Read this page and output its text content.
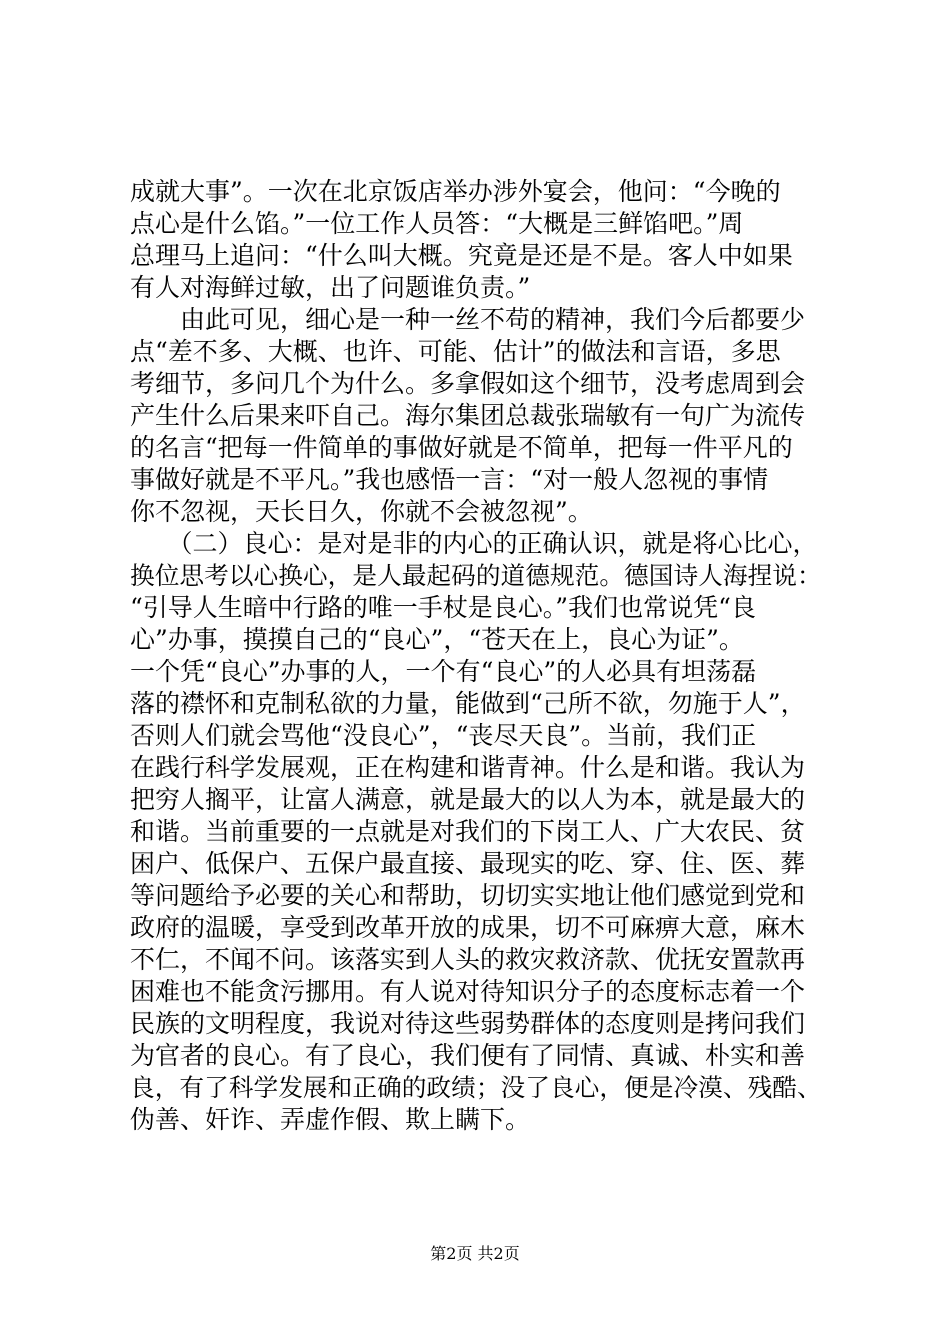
成就大事”。一次在北京饭店举办涉外宴会，他问：“今晚的
点心是什么馅。”一位工作人员答：“大概是三鲜馅吧。”周
总理马上追问：“什么叫大概。究竟是还是不是。客人中如果
有人对海鲜过敏，出了问题谁负责。”
　　由此可见，细心是一种一丝不苟的精神，我们今后都要少
点“差不多、大概、也许、可能、估计”的做法和言语，多思
考细节，多问几个为什么。多拿假如这个细节，没考虑周到会
产生什么后果来吓自己。海尔集团总裁张瑞敏有一句广为流传
的名言“把每一件简单的事做好就是不简单，把每一件平凡的
事做好就是不平凡。”我也感悟一言：“对一般人忽视的事情
你不忽视，天长日久，你就不会被忽视”。
　　（二）良心：是对是非的内心的正确认识，就是将心比心，
换位思考以心换心，是人最起码的道德规范。德国诗人海捏说：
“引导人生暗中行路的唯一手杖是良心。”我们也常说凭“良
心”办事，摸摸自己的“良心”，“苍天在上，良心为证”。
一个凭“良心”办事的人，一个有“良心”的人必具有坦荡磊
落的襟怀和克制私欲的力量，能做到“己所不欲，勿施于人”，
否则人们就会骂他“没良心”，“丧尽天良”。当前，我们正
在践行科学发展观，正在构建和谐青神。什么是和谐。我认为
把穷人搁平，让富人满意，就是最大的以人为本，就是最大的
和谐。当前重要的一点就是对我们的下岗工人、广大农民、贫
困户、低保户、五保户最直接、最现实的吃、穿、住、医、葬
等问题给予必要的关心和帮助，切切实实地让他们感觉到党和
政府的温暖，享受到改革开放的成果，切不可麻痹大意，麻木
不仁，不闻不问。该落实到人头的救灾救济款、优抚安置款再
困难也不能贪污挪用。有人说对待知识分子的态度标志着一个
民族的文明程度，我说对待这些弱势群体的态度则是拷问我们
为官者的良心。有了良心，我们便有了同情、真诚、朴实和善
良，有了科学发展和正确的政绩；没了良心，便是冷漠、残酷、
伪善、奸诈、弄虚作假、欺上瞒下。
第2页 共2页
